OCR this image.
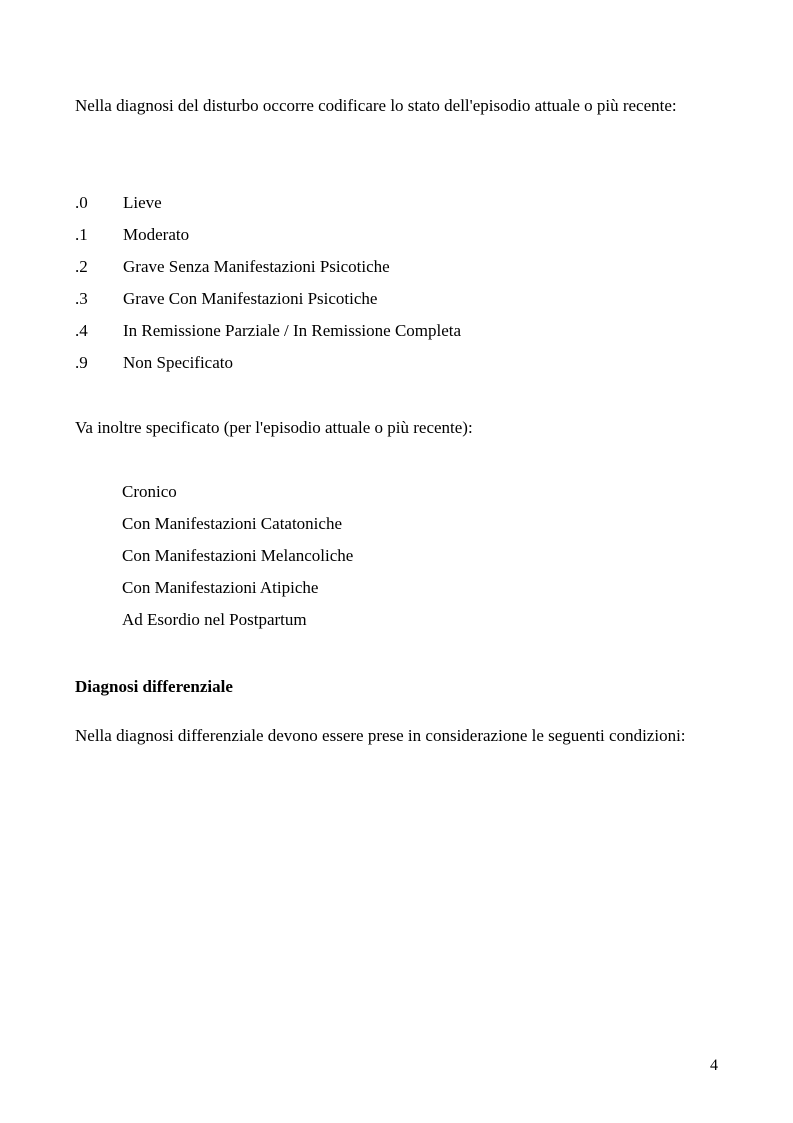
Nella diagnosi del disturbo occorre codificare lo stato dell'episodio attuale o più recente:

.0	Lieve
.1	Moderato
.2	Grave Senza Manifestazioni Psicotiche
.3	Grave Con Manifestazioni Psicotiche
.4	In Remissione Parziale / In Remissione Completa
.9	Non Specificato

Va inoltre specificato (per l'episodio attuale o più recente):

Cronico
Con Manifestazioni Catatoniche
Con Manifestazioni Melancoliche
Con Manifestazioni Atipiche
Ad Esordio nel Postpartum
Diagnosi differenziale

Nella diagnosi differenziale devono essere prese in considerazione le seguenti condizioni:

4
